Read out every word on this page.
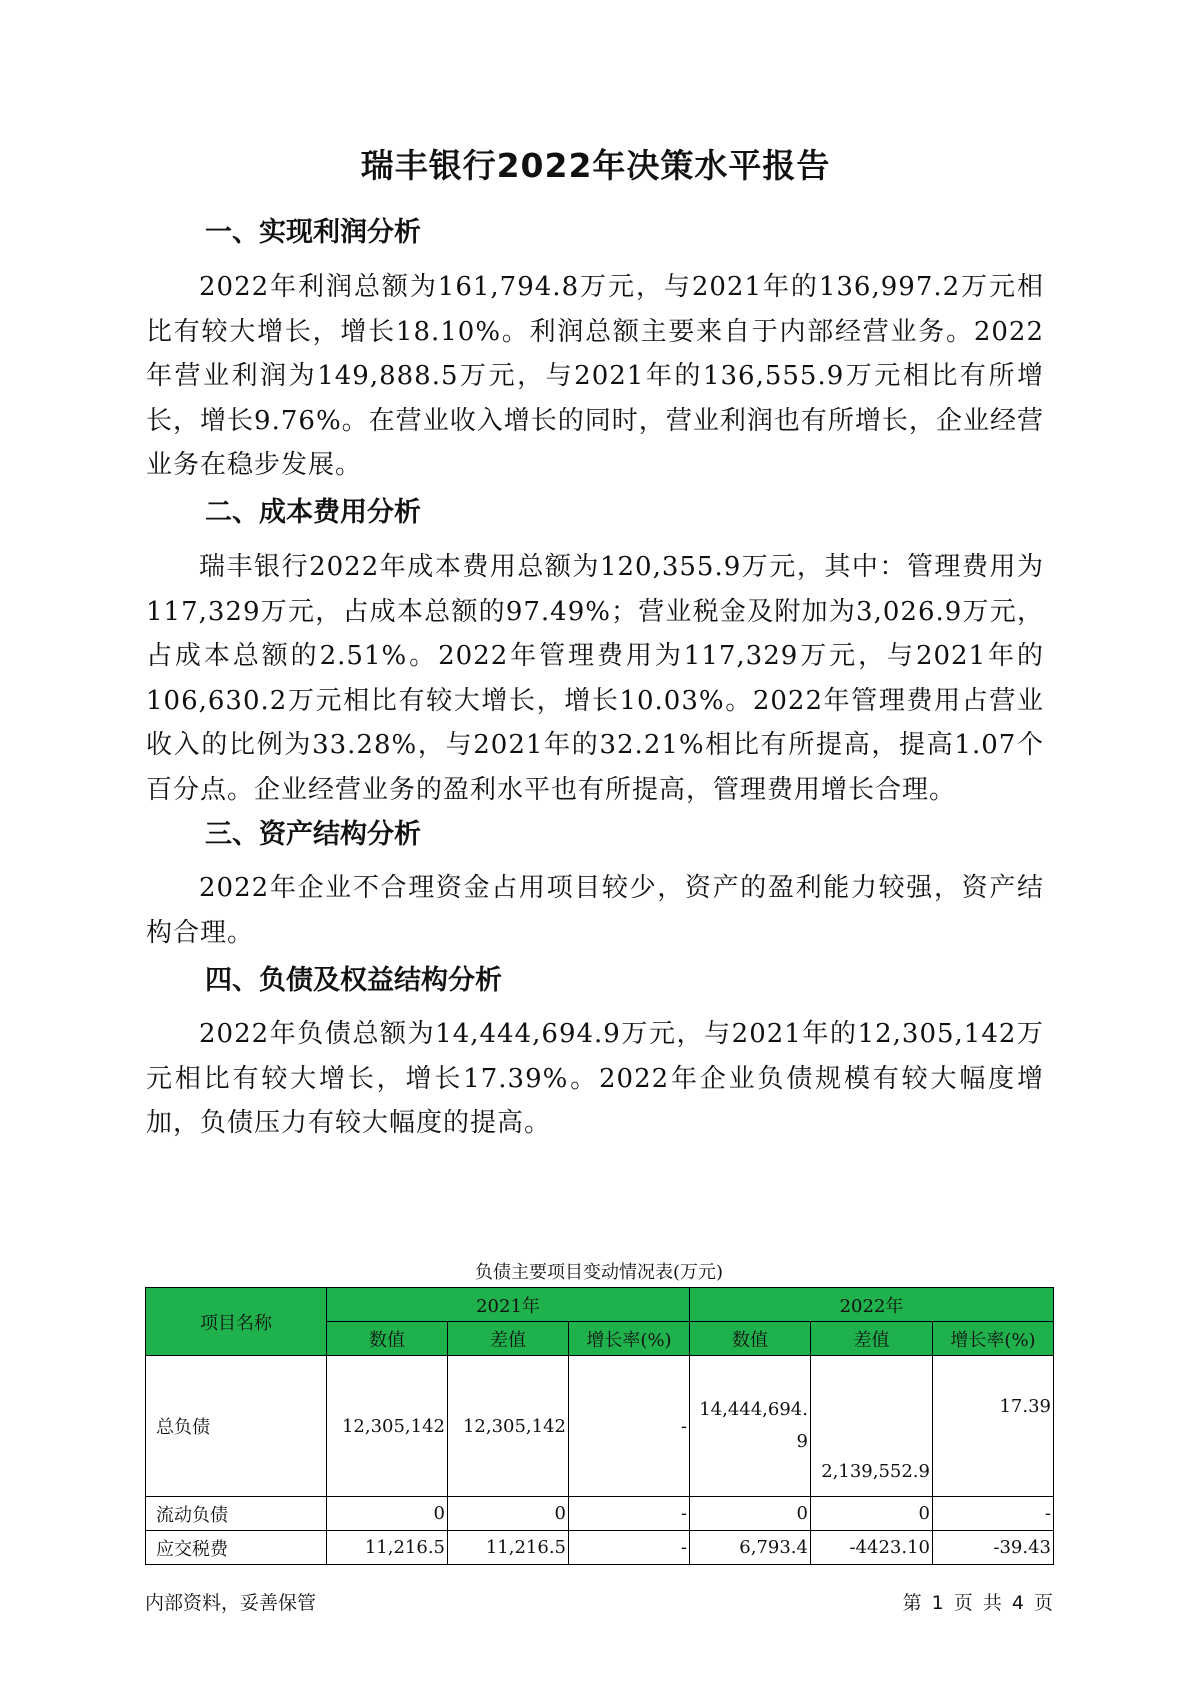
瑞丰银行2022年决策水平报告
一、实现利润分析
2022年利润总额为161,794.8万元，与2021年的136,997.2万元相比有较大增长，增长18.10%。利润总额主要来自于内部经营业务。2022年营业利润为149,888.5万元，与2021年的136,555.9万元相比有所增长，增长9.76%。在营业收入增长的同时，营业利润也有所增长，企业经营业务在稳步发展。
二、成本费用分析
瑞丰银行2022年成本费用总额为120,355.9万元，其中：管理费用为117,329万元，占成本总额的97.49%；营业税金及附加为3,026.9万元，占成本总额的2.51%。2022年管理费用为117,329万元，与2021年的106,630.2万元相比有较大增长，增长10.03%。2022年管理费用占营业收入的比例为33.28%，与2021年的32.21%相比有所提高，提高1.07个百分点。企业经营业务的盈利水平也有所提高，管理费用增长合理。
三、资产结构分析
2022年企业不合理资金占用项目较少，资产的盈利能力较强，资产结构合理。
四、负债及权益结构分析
2022年负债总额为14,444,694.9万元，与2021年的12,305,142万元相比有较大增长，增长17.39%。2022年企业负债规模有较大幅度增加，负债压力有较大幅度的提高。
负债主要项目变动情况表(万元)
项目名称	2021年			2022年		
	数值	差值	增长率(%)	数值	差值	增长率(%)
总负债	12,305,142	12,305,142	-	14,444,694.9	2,139,552.9	17.39
流动负债	0	0	-	0	0	-
应交税费	11,216.5	11,216.5	-	6,793.4	-4423.10	-39.43
内部资料，妥善保管	第 1 页 共 4 页
